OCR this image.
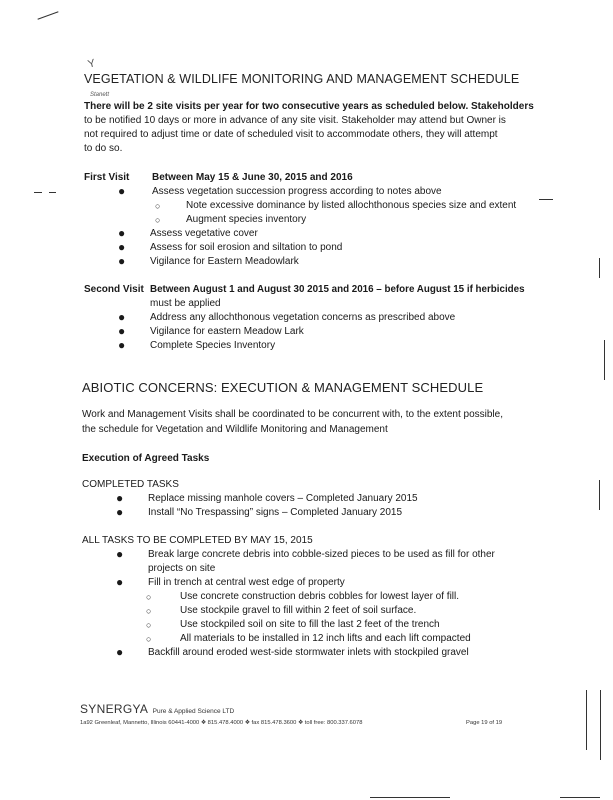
Y
Stanett
VEGETATION & WILDLIFE MONITORING AND MANAGEMENT SCHEDULE
There will be 2 site visits per year for two consecutive years as scheduled below. Stakeholders
to be notified 10 days or more in advance of any site visit. Stakeholder may attend but Owner is
not required to adjust time or date of scheduled visit to accommodate others, they will attempt
to do so.
First Visit Between May 15 & June 30, 2015 and 2016
●	Assess vegetation succession progress according to notes above
○	Note excessive dominance by listed allochthonous species size and extent
○	Augment species inventory
● Assess vegetative cover
● Assess for soil erosion and siltation to pond
● Vigilance for Eastern Meadowlark
Second Visit Between August 1 and August 30 2015 and 2016 – before August 15 if herbicides
must be applied
● Address any allochthonous vegetation concerns as prescribed above
● Vigilance for eastern Meadow Lark
● Complete Species Inventory
ABIOTIC CONCERNS: EXECUTION & MANAGEMENT SCHEDULE
Work and Management Visits shall be coordinated to be concurrent with, to the extent possible,
the schedule for Vegetation and Wildlife Monitoring and Management
Execution of Agreed Tasks
COMPLETED TASKS
● Replace missing manhole covers – Completed January 2015
● Install “No Trespassing” signs – Completed January 2015
ALL TASKS TO BE COMPLETED BY MAY 15, 2015
● Break large concrete debris into cobble-sized pieces to be used as fill for other
projects on site
● Fill in trench at central west edge of property
○	Use concrete construction debris cobbles for lowest layer of fill.
○	Use stockpile gravel to fill within 2 feet of soil surface.
○	Use stockpiled soil on site to fill the last 2 feet of the trench
○	All materials to be installed in 12 inch lifts and each lift compacted
● Backfill around eroded west-side stormwater inlets with stockpiled gravel
SYNERGYA Pure & Applied Science LTD
1a92 Greenleaf, Mannetto, Illinois 60441-4000 ❖ 815.478.4000 ❖ fax 815.478.3600 ❖ toll free: 800.337.6078	Page 19 of 19
